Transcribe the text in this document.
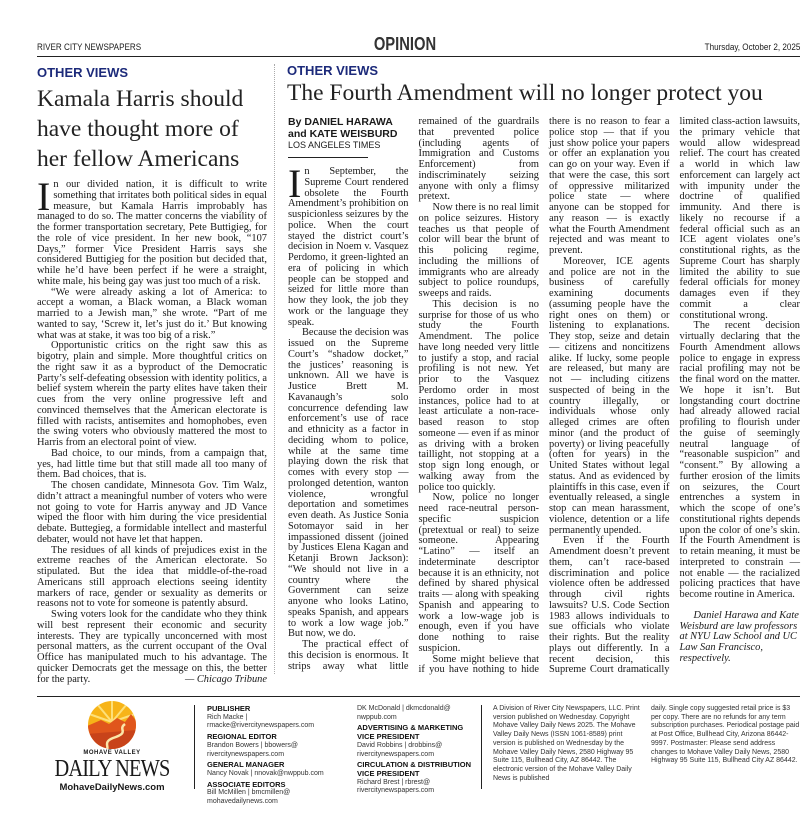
RIVER CITY NEWSPAPERS	OPINION	Thursday, October 2, 2025
OTHER VIEWS
Kamala Harris should have thought more of her fellow Americans

In our divided nation, it is difficult to write something that irritates both political sides in equal measure, but Kamala Harris improbably has managed to do so. The matter concerns the viability of the former transportation secretary, Pete Buttigieg, for the role of vice president. In her new book, “107 Days,” former Vice President Harris says she considered Buttigieg for the position but decided that, while he’d have been perfect if he were a straight, white male, his being gay was just too much of a risk.

“We were already asking a lot of America: to accept a woman, a Black woman, a Black woman married to a Jewish man,” she wrote. “Part of me wanted to say, ‘Screw it, let’s just do it.’ But knowing what was at stake, it was too big of a risk.”

Opportunistic critics on the right saw this as bigotry, plain and simple. More thoughtful critics on the right saw it as a byproduct of the Democratic Party’s self-defeating obsession with identity politics, a belief system wherein the party elites have taken their cues from the very online progressive left and convinced themselves that the American electorate is filled with racists, antisemites and homophobes, even the swing voters who obviously mattered the most to Harris from an electoral point of view.

Bad choice, to our minds, from a campaign that, yes, had little time but that still made all too many of them. Bad choices, that is.

The chosen candidate, Minnesota Gov. Tim Walz, didn’t attract a meaningful number of voters who were not going to vote for Harris anyway and JD Vance wiped the floor with him during the vice presidential debate. Buttegieg, a formidable intellect and masterful debater, would not have let that happen.

The residues of all kinds of prejudices exist in the extreme reaches of the American electorate. So stipulated. But the idea that middle-of-the-road Americans still approach elections seeing identity markers of race, gender or sexuality as demerits or reasons not to vote for someone is patently absurd.

Swing voters look for the candidate who they think will best represent their economic and security interests. They are typically unconcerned with most personal matters, as the current occupant of the Oval Office has manipulated much to his advantage. The quicker Democrats get the message on this, the better for the party.	— Chicago Tribune

OTHER VIEWS
The Fourth Amendment will no longer protect you
By DANIEL HARAWA and KATE WEISBURD
LOS ANGELES TIMES

In September, the Supreme Court rendered obsolete the Fourth Amendment’s prohibition on suspicionless seizures by the police. When the court stayed the district court’s decision in Noem v. Vasquez Perdomo, it green-lighted an era of policing in which people can be stopped and seized for little more than how they look, the job they work or the language they speak.

Because the decision was issued on the Supreme Court’s “shadow docket,” the justices’ reasoning is unknown. All we have is Justice Brett M. Kavanaugh’s solo concurrence defending law enforcement’s use of race and ethnicity as a factor in deciding whom to police, while at the same time playing down the risk that comes with every stop — prolonged detention, wanton violence, wrongful deportation and sometimes even death. As Justice Sonia Sotomayor said in her impassioned dissent (joined by Justices Elena Kagan and Ketanji Brown Jackson): “We should not live in a country where the Government can seize anyone who looks Latino, speaks Spanish, and appears to work a low wage job.” But now, we do.

The practical effect of this decision is enormous. It strips away what little remained of the guardrails that prevented police (including agents of Immigration and Customs Enforcement) from indiscriminately seizing anyone with only a flimsy pretext.

Now there is no real limit on police seizures. History teaches us that people of color will bear the brunt of this policing regime, including the millions of immigrants who are already subject to police roundups, sweeps and raids.

This decision is no surprise for those of us who study the Fourth Amendment. The police have long needed very little to justify a stop, and racial profiling is not new. Yet prior to the Vasquez Perdomo order in most instances, police had to at least articulate a non-race-based reason to stop someone — even if as minor as driving with a broken taillight, not stopping at a stop sign long enough, or walking away from the police too quickly.

Now, police no longer need race-neutral person-specific suspicion (pretextual or real) to seize someone. Appearing “Latino” — itself an indeterminate descriptor because it is an ethnicity, not defined by shared physical traits — along with speaking Spanish and appearing to work a low-wage job is enough, even if you have done nothing to raise suspicion.

Some might believe that if you have nothing to hide there is no reason to fear a police stop — that if you just show police your papers or offer an explanation you can go on your way. Even if that were the case, this sort of oppressive militarized police state — where anyone can be stopped for any reason — is exactly what the Fourth Amendment rejected and was meant to prevent.

Moreover, ICE agents and police are not in the business of carefully examining documents (assuming people have the right ones on them) or listening to explanations. They stop, seize and detain — citizens and noncitizens alike. If lucky, some people are released, but many are not — including citizens suspected of being in the country illegally, or individuals whose only alleged crimes are often minor (and the product of poverty) or living peacefully (often for years) in the United States without legal status. And as evidenced by plaintiffs in this case, even if eventually released, a single stop can mean harassment, violence, detention or a life permanently upended.

Even if the Fourth Amendment doesn’t prevent them, can’t race-based discrimination and police violence often be addressed through civil rights lawsuits? U.S. Code Section 1983 allows individuals to sue officials who violate their rights. But the reality plays out differently. In a recent decision, this Supreme Court dramatically limited class-action lawsuits, the primary vehicle that would allow widespread relief. The court has created a world in which law enforcement can largely act with impunity under the doctrine of qualified immunity. And there is likely no recourse if a federal official such as an ICE agent violates one’s constitutional rights, as the Supreme Court has sharply limited the ability to sue federal officials for money damages even if they commit a clear constitutional wrong.

The recent decision virtually declaring that the Fourth Amendment allows police to engage in express racial profiling may not be the final word on the matter. We hope it isn’t. But longstanding court doctrine had already allowed racial profiling to flourish under the guise of seemingly neutral language of “reasonable suspicion” and “consent.” By allowing a further erosion of the limits on seizures, the Court entrenches a system in which the scope of one’s constitutional rights depends upon the color of one’s skin. If the Fourth Amendment is to retain meaning, it must be interpreted to constrain — not enable — the racialized policing practices that have become routine in America.

Daniel Harawa and Kate Weisburd are law professors at NYU Law School and UC Law San Francisco, respectively.

MOHAVE VALLEY
DAILY NEWS
MohaveDailyNews.com
PUBLISHER
Rich Macke | rmacke@rivercitynewspapers.com
REGIONAL EDITOR
Brandon Bowers | bbowers@ rivercitynewspapers.com
GENERAL MANAGER
Nancy Novak | nnovak@nwppub.com
ASSOCIATE EDITORS
Bill McMillen | bmcmillen@ mohavedailynews.com
DK McDonald | dkmcdonald@ nwppub.com
ADVERTISING & MARKETING VICE PRESIDENT
David Robbins | drobbins@ rivercitynewspapers.com
CIRCULATION & DISTRIBUTION VICE PRESIDENT
Richard Brest | rbrest@ rivercitynewspapers.com
A Division of River City Newspapers, LLC. Print version published on Wednesday. Copyright Mohave Valley Daily News 2025. The Mohave Valley Daily News (ISSN 1061-8589) print version is published on Wednesday by the Mohave Valley Daily News, 2580 Highway 95 Suite 115, Bullhead City, AZ 86442. The electronic version of the Mohave Valley Daily News is published
daily. Single copy suggested retail price is $3 per copy. There are no refunds for any term subscription purchases. Periodical postage paid at Post Office, Bullhead City, Arizona 86442-9997. Postmaster: Please send address changes to Mohave Valley Daily News, 2580 Highway 95 Suite 115, Bullhead City AZ 86442.
